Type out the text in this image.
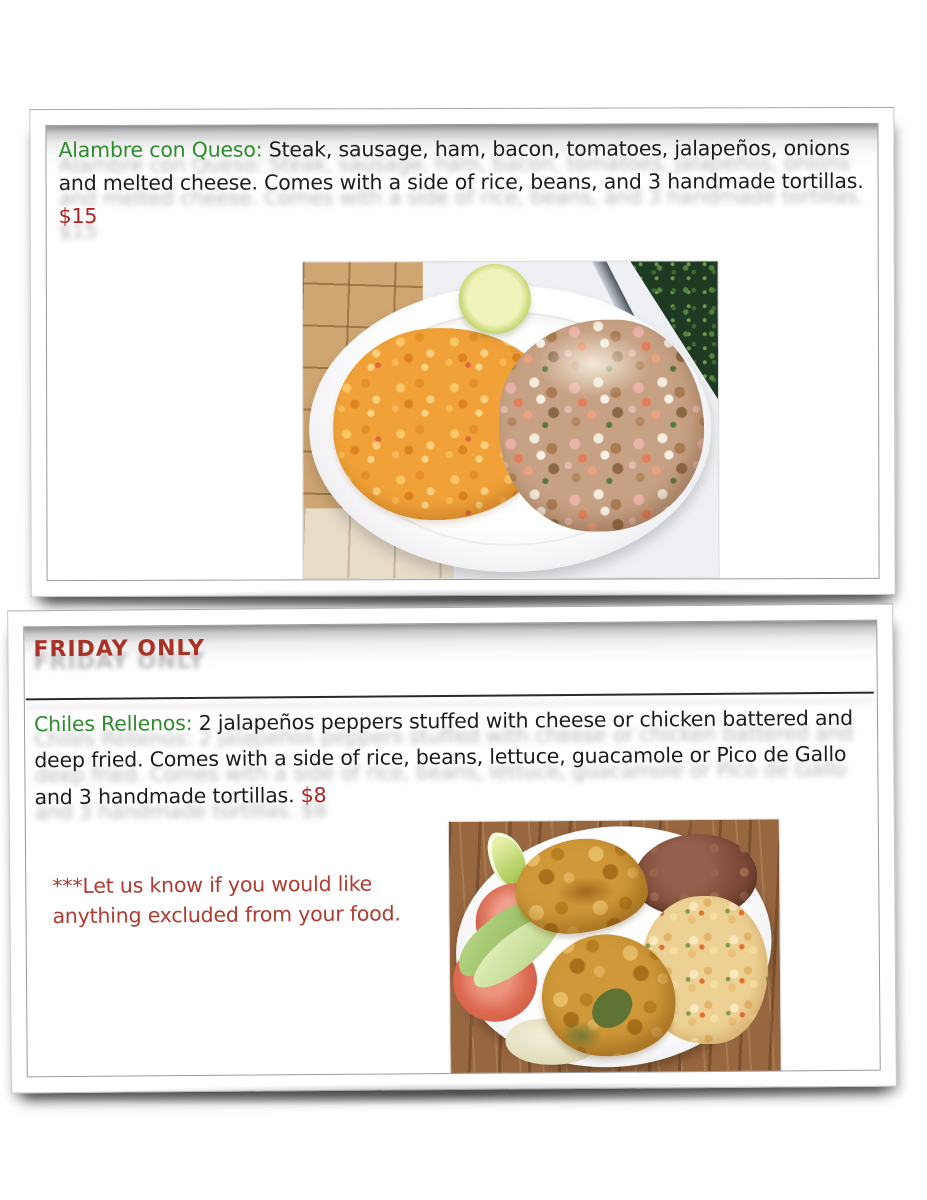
Alambre con Queso: Steak, sausage, ham, bacon, tomatoes, jalapeños, onions and melted cheese. Comes with a side of rice, beans, and 3 handmade tortillas.
$15
FRIDAY ONLY
Chiles Rellenos: 2 jalapeños peppers stuffed with cheese or chicken battered and deep fried. Comes with a side of rice, beans, lettuce, guacamole or Pico de Gallo and 3 handmade tortillas. $8
***Let us know if you would like anything excluded from your food.
